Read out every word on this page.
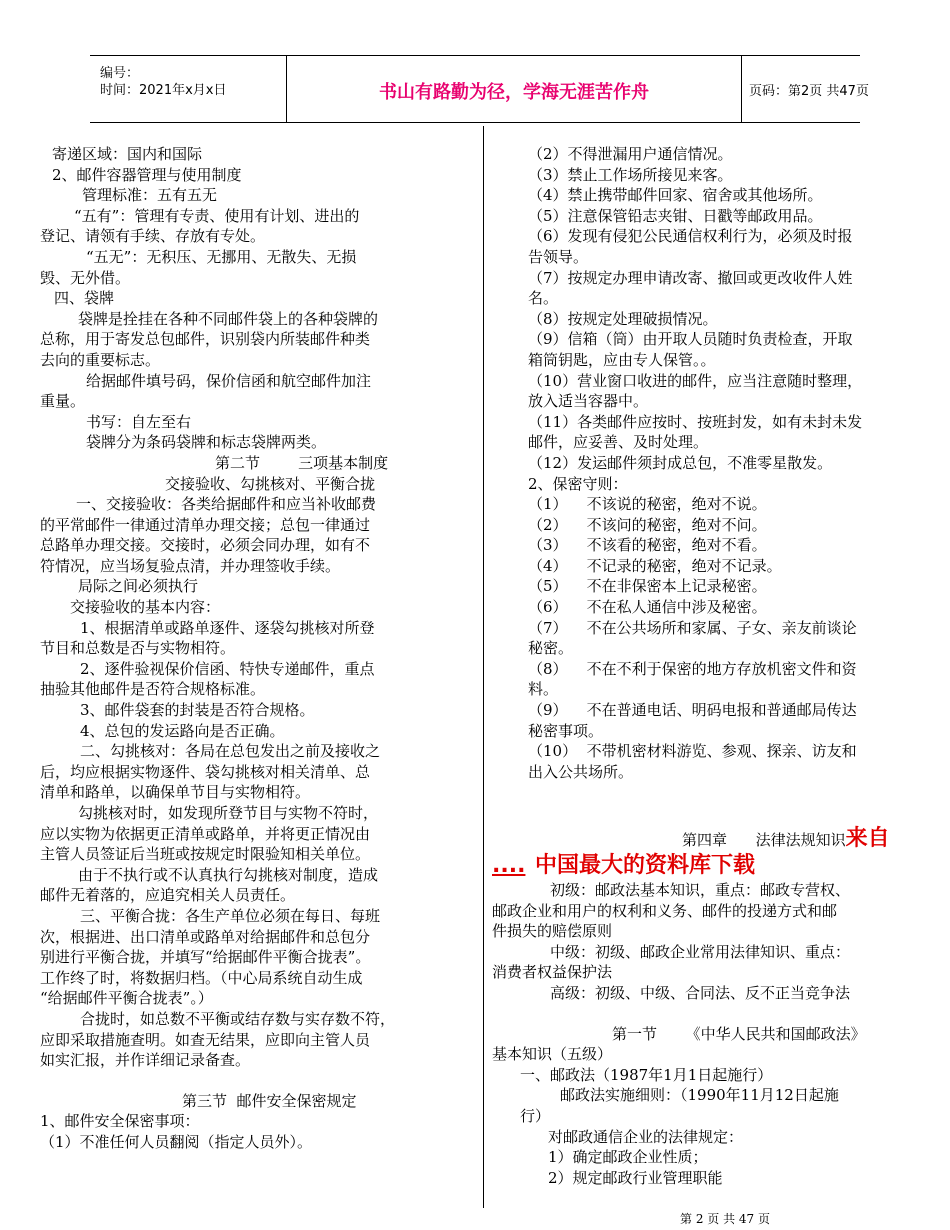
编号：
时间：2021年x月x日	书山有路勤为径，学海无涯苦作舟	页码：第2页 共47页
寄递区域：国内和国际
2、邮件容器管理与使用制度
管理标准：五有五无
“五有”：管理有专责、使用有计划、进出的
登记、请领有手续、存放有专处。
“五无”：无积压、无挪用、无散失、无损
毁、无外借。
四、袋牌
袋牌是拴挂在各种不同邮件袋上的各种袋牌的
总称，用于寄发总包邮件，识别袋内所装邮件种类
去向的重要标志。
给据邮件填号码，保价信函和航空邮件加注
重量。
书写：自左至右
袋牌分为条码袋牌和标志袋牌两类。
第二节        三项基本制度
交接验收、勾挑核对、平衡合拢
一、交接验收：各类给据邮件和应当补收邮费
的平常邮件一律通过清单办理交接；总包一律通过
总路单办理交接。交接时，必须会同办理，如有不
符情况，应当场复验点清，并办理签收手续。
局际之间必须执行
交接验收的基本内容：
1、根据清单或路单逐件、逐袋勾挑核对所登
节目和总数是否与实物相符。
2、逐件验视保价信函、特快专递邮件，重点
抽验其他邮件是否符合规格标准。
3、邮件袋套的封装是否符合规格。
4、总包的发运路向是否正确。
二、勾挑核对：各局在总包发出之前及接收之
后，均应根据实物逐件、袋勾挑核对相关清单、总
清单和路单，以确保单节目与实物相符。
勾挑核对时，如发现所登节目与实物不符时，
应以实物为依据更正清单或路单，并将更正情况由
主管人员签证后当班或按规定时限验知相关单位。
由于不执行或不认真执行勾挑核对制度，造成
邮件无着落的，应追究相关人员责任。
三、平衡合拢：各生产单位必须在每日、每班
次，根据进、出口清单或路单对给据邮件和总包分
别进行平衡合拢，并填写“给据邮件平衡合拢表”。
工作终了时，将数据归档。（中心局系统自动生成
“给据邮件平衡合拢表”。）
合拢时，如总数不平衡或结存数与实存数不符，
应即采取措施查明。如查无结果，应即向主管人员
如实汇报，并作详细记录备查。
第三节  邮件安全保密规定
1、邮件安全保密事项：
（1）不准任何人员翻阅（指定人员外）。
（2）不得泄漏用户通信情况。
（3）禁止工作场所接见来客。
（4）禁止携带邮件回家、宿舍或其他场所。
（5）注意保管铅志夹钳、日戳等邮政用品。
（6）发现有侵犯公民通信权利行为，必须及时报
告领导。
（7）按规定办理申请改寄、撤回或更改收件人姓
名。
（8）按规定处理破损情况。
（9）信箱（筒）由开取人员随时负责检查，开取
箱筒钥匙，应由专人保管。。
（10）营业窗口收进的邮件，应当注意随时整理，
放入适当容器中。
（11）各类邮件应按时、按班封发，如有未封未发
邮件，应妥善、及时处理。
（12）发运邮件须封成总包，不准零星散发。
2、保密守则：
（1）    不该说的秘密，绝对不说。
（2）    不该问的秘密，绝对不问。
（3）    不该看的秘密，绝对不看。
（4）    不记录的秘密，绝对不记录。
（5）    不在非保密本上记录秘密。
（6）    不在私人通信中涉及秘密。
（7）    不在公共场所和家属、子女、亲友前谈论
秘密。
（8）    不在不利于保密的地方存放机密文件和资
料。
（9）    不在普通电话、明码电报和普通邮局传达
秘密事项。
（10）  不带机密材料游览、参观、探亲、访友和
出入公共场所。
第四章      法律法规知识来自
.... 中国最大的资料库下载
初级：邮政法基本知识，重点：邮政专营权、
邮政企业和用户的权利和义务、邮件的投递方式和邮
件损失的赔偿原则
中级：初级、邮政企业常用法律知识、重点：
消费者权益保护法
高级：初级、中级、合同法、反不正当竞争法
第一节      《中华人民共和国邮政法》
基本知识（五级）
一、邮政法（1987年1月1日起施行）
邮政法实施细则：（1990年11月12日起施
行）
对邮政通信企业的法律规定：
1）确定邮政企业性质；
2）规定邮政行业管理职能
第 2 页 共 47 页
